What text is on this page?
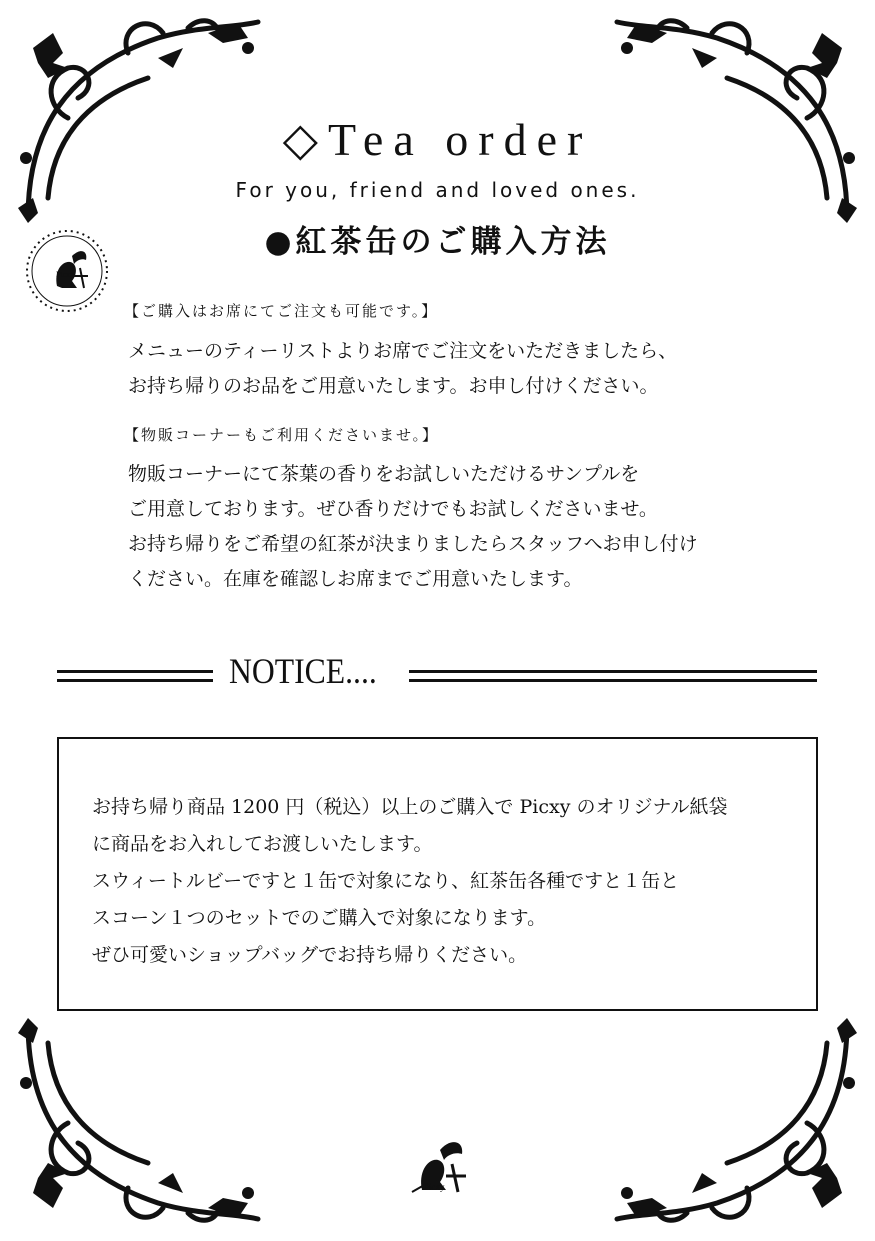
Picxy
◇Tea order
For you, friend and loved ones.
●紅茶缶のご購入方法
【ご購入はお席にてご注文も可能です。】
メニューのティーリストよりお席でご注文をいただきましたら、
お持ち帰りのお品をご用意いたします。お申し付けください。
【物販コーナーもご利用くださいませ。】
物販コーナーにて茶葉の香りをお試しいただけるサンプルを
ご用意しております。ぜひ香りだけでもお試しくださいませ。
お持ち帰りをご希望の紅茶が決まりましたらスタッフへお申し付け
ください。在庫を確認しお席までご用意いたします。
NOTICE....
お持ち帰り商品 1200 円（税込）以上のご購入で Picxy のオリジナル紙袋
に商品をお入れしてお渡しいたします。
スウィートルビーですと１缶で対象になり、紅茶缶各種ですと１缶と
スコーン１つのセットでのご購入で対象になります。
ぜひ可愛いショップバッグでお持ち帰りください。
Picxy
